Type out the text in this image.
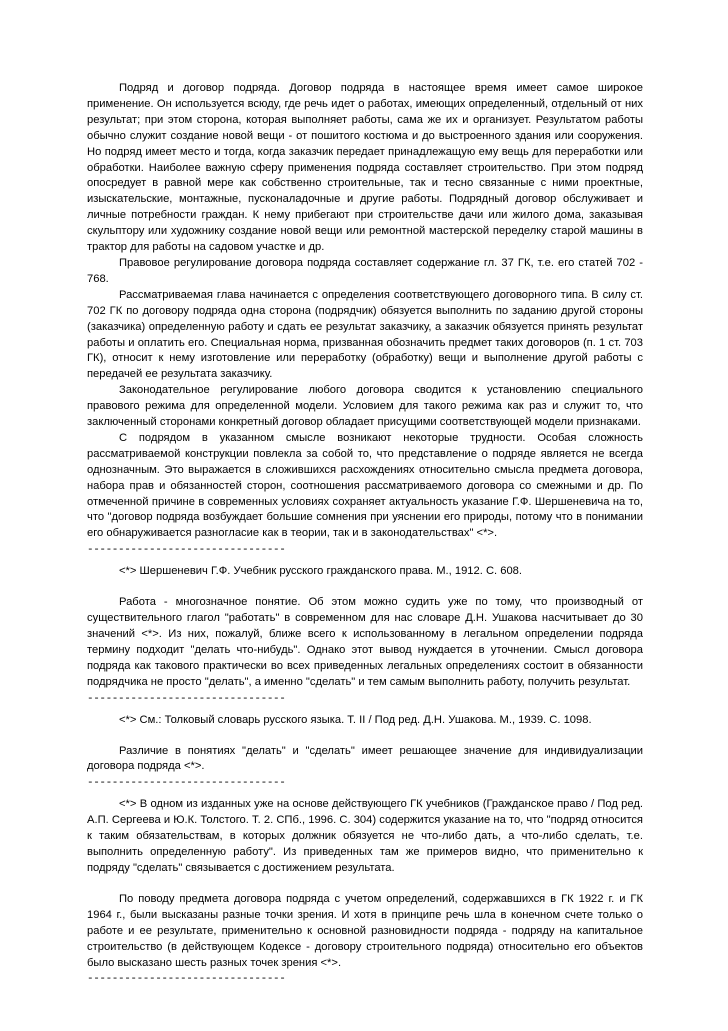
Подряд и договор подряда. Договор подряда в настоящее время имеет самое широкое применение. Он используется всюду, где речь идет о работах, имеющих определенный, отдельный от них результат; при этом сторона, которая выполняет работы, сама же их и организует. Результатом работы обычно служит создание новой вещи - от пошитого костюма и до выстроенного здания или сооружения. Но подряд имеет место и тогда, когда заказчик передает принадлежащую ему вещь для переработки или обработки. Наиболее важную сферу применения подряда составляет строительство. При этом подряд опосредует в равной мере как собственно строительные, так и тесно связанные с ними проектные, изыскательские, монтажные, пусконаладочные и другие работы. Подрядный договор обслуживает и личные потребности граждан. К нему прибегают при строительстве дачи или жилого дома, заказывая скульптору или художнику создание новой вещи или ремонтной мастерской переделку старой машины в трактор для работы на садовом участке и др.

Правовое регулирование договора подряда составляет содержание гл. 37 ГК, т.е. его статей 702 - 768.

Рассматриваемая глава начинается с определения соответствующего договорного типа. В силу ст. 702 ГК по договору подряда одна сторона (подрядчик) обязуется выполнить по заданию другой стороны (заказчика) определенную работу и сдать ее результат заказчику, а заказчик обязуется принять результат работы и оплатить его. Специальная норма, призванная обозначить предмет таких договоров (п. 1 ст. 703 ГК), относит к нему изготовление или переработку (обработку) вещи и выполнение другой работы с передачей ее результата заказчику.

Законодательное регулирование любого договора сводится к установлению специального правового режима для определенной модели. Условием для такого режима как раз и служит то, что заключенный сторонами конкретный договор обладает присущими соответствующей модели признаками.

С подрядом в указанном смысле возникают некоторые трудности. Особая сложность рассматриваемой конструкции повлекла за собой то, что представление о подряде является не всегда однозначным. Это выражается в сложившихся расхождениях относительно смысла предмета договора, набора прав и обязанностей сторон, соотношения рассматриваемого договора со смежными и др. По отмеченной причине в современных условиях сохраняет актуальность указание Г.Ф. Шершеневича на то, что "договор подряда возбуждает большие сомнения при уяснении его природы, потому что в понимании его обнаруживается разногласие как в теории, так и в законодательствах" <*>.

--------------------------------

<*> Шершеневич Г.Ф. Учебник русского гражданского права. М., 1912. С. 608.

Работа - многозначное понятие. Об этом можно судить уже по тому, что производный от существительного глагол "работать" в современном для нас словаре Д.Н. Ушакова насчитывает до 30 значений <*>. Из них, пожалуй, ближе всего к использованному в легальном определении подряда термину подходит "делать что-нибудь". Однако этот вывод нуждается в уточнении. Смысл договора подряда как такового практически во всех приведенных легальных определениях состоит в обязанности подрядчика не просто "делать", а именно "сделать" и тем самым выполнить работу, получить результат.

--------------------------------

<*> См.: Толковый словарь русского языка. Т. II / Под ред. Д.Н. Ушакова. М., 1939. С. 1098.

Различие в понятиях "делать" и "сделать" имеет решающее значение для индивидуализации договора подряда <*>.

--------------------------------

<*> В одном из изданных уже на основе действующего ГК учебников (Гражданское право / Под ред. А.П. Сергеева и Ю.К. Толстого. Т. 2. СПб., 1996. С. 304) содержится указание на то, что "подряд относится к таким обязательствам, в которых должник обязуется не что-либо дать, а что-либо сделать, т.е. выполнить определенную работу". Из приведенных там же примеров видно, что применительно к подряду "сделать" связывается с достижением результата.

По поводу предмета договора подряда с учетом определений, содержавшихся в ГК 1922 г. и ГК 1964 г., были высказаны разные точки зрения. И хотя в принципе речь шла в конечном счете только о работе и ее результате, применительно к основной разновидности подряда - подряду на капитальное строительство (в действующем Кодексе - договору строительного подряда) относительно его объектов было высказано шесть разных точек зрения <*>.

--------------------------------
